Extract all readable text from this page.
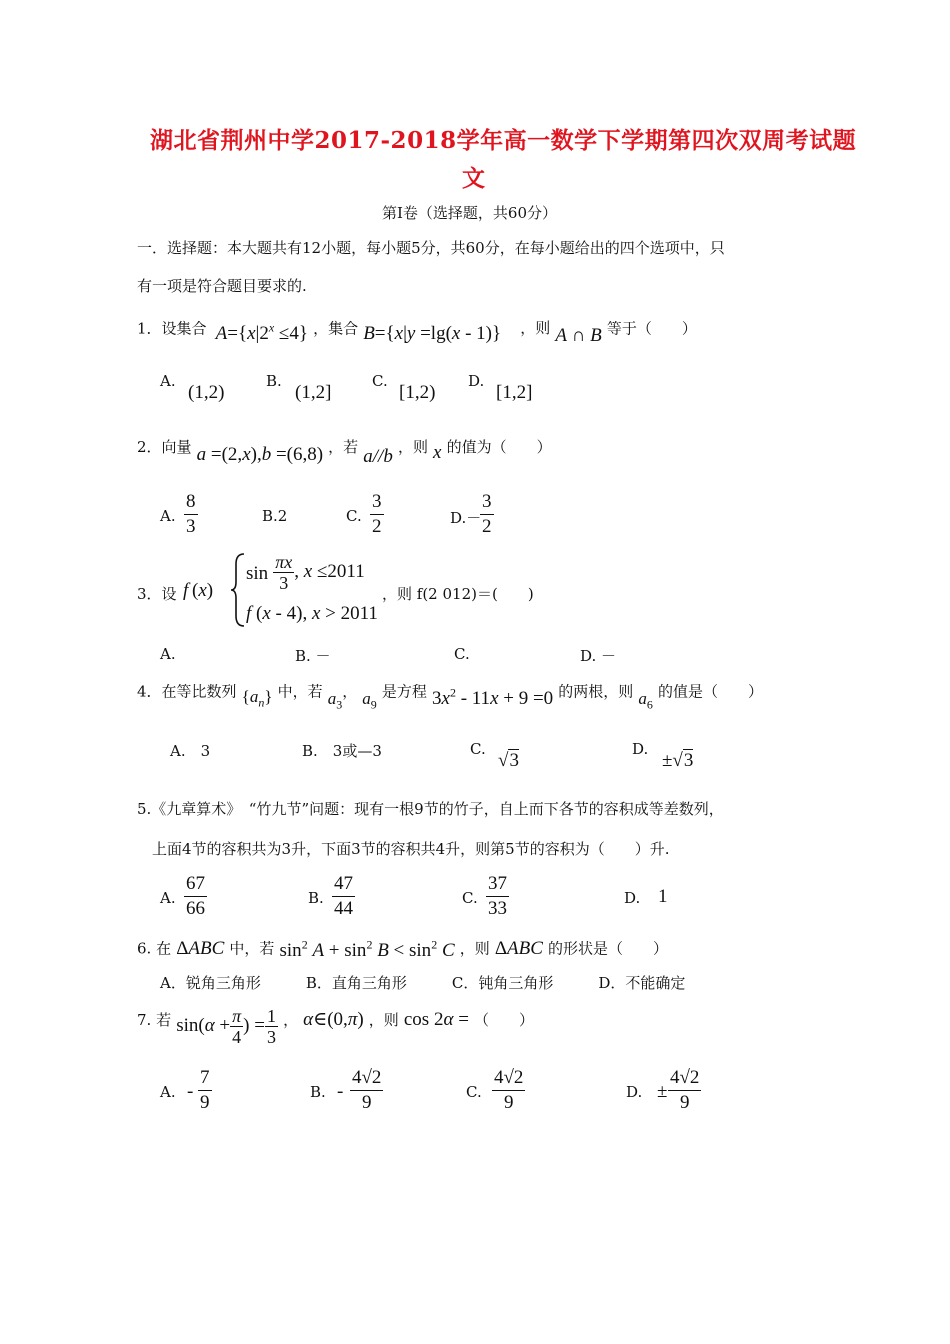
湖北省荆州中学2017-2018学年高一数学下学期第四次双周考试题
文
第Ⅰ卷（选择题，共60分）
一．选择题：本大题共有12小题，每小题5分，共60分，在每小题给出的四个选项中，只
有一项是符合题目要求的.
1．设集合 $A=\{x|2^x \le 4\}$ ，集合 B={x|y =lg(x - 1)} ，则 A ∩ B 等于（　　）
A.
(1,2)
B.
(1,2]
C.
[1,2)
D.
[1,2]
2．向量 a =(2,x),b =(6,8) ，若 a//b ，则 x 的值为（　　）
A. $\frac{8}{3}$	B.2	C. $\frac{3}{2}$	D.－
$\frac{3}{2}$
3．设 f (x)
$\sin \frac{\pi x}{3}$ , x ≤2011
f (x - 4), x > 2011
，则 f(2 012)＝(　　)
A.	B. －	C.	D. －
4．在等比数列 $\{a_n\}$ 中，若 $a_3$， $a_9$ 是方程 $3x^2 - 11x + 9 =0$ 的两根，则 $a_6$ 的值是（　　）
A.　3	B.　3或—3	C.
√3
D.
±√3
5.《九章算术》　“竹九节”问题：现有一根9节的竹子，自上而下各节的容积成等差数列，
上面4节的容积共为3升，下面3节的容积共4升，则第5节的容积为（　　）升.
A. $\frac{67}{66}$	B. $\frac{47}{44}$	C. $\frac{37}{33}$	D. 1
6. 在 ΔABC 中，若 $\sin^2 A + \sin^2 B < \sin^2 C$ ，则 ΔABC 的形状是（　　）
A．锐角三角形　　　B．直角三角形　　　C．钝角三角形　　　D．不能确定
7. 若 $\sin(\alpha + \frac{\pi}{4}$ ) = $\frac{1}{3}$ ， α∈(0,π) ，则 cos 2α = （　　）
A. - $\frac{7}{9}$	B. - $\frac{4√2}{9}$	C. $\frac{4√2}{9}$	D. ± $\frac{4√2}{9}$
